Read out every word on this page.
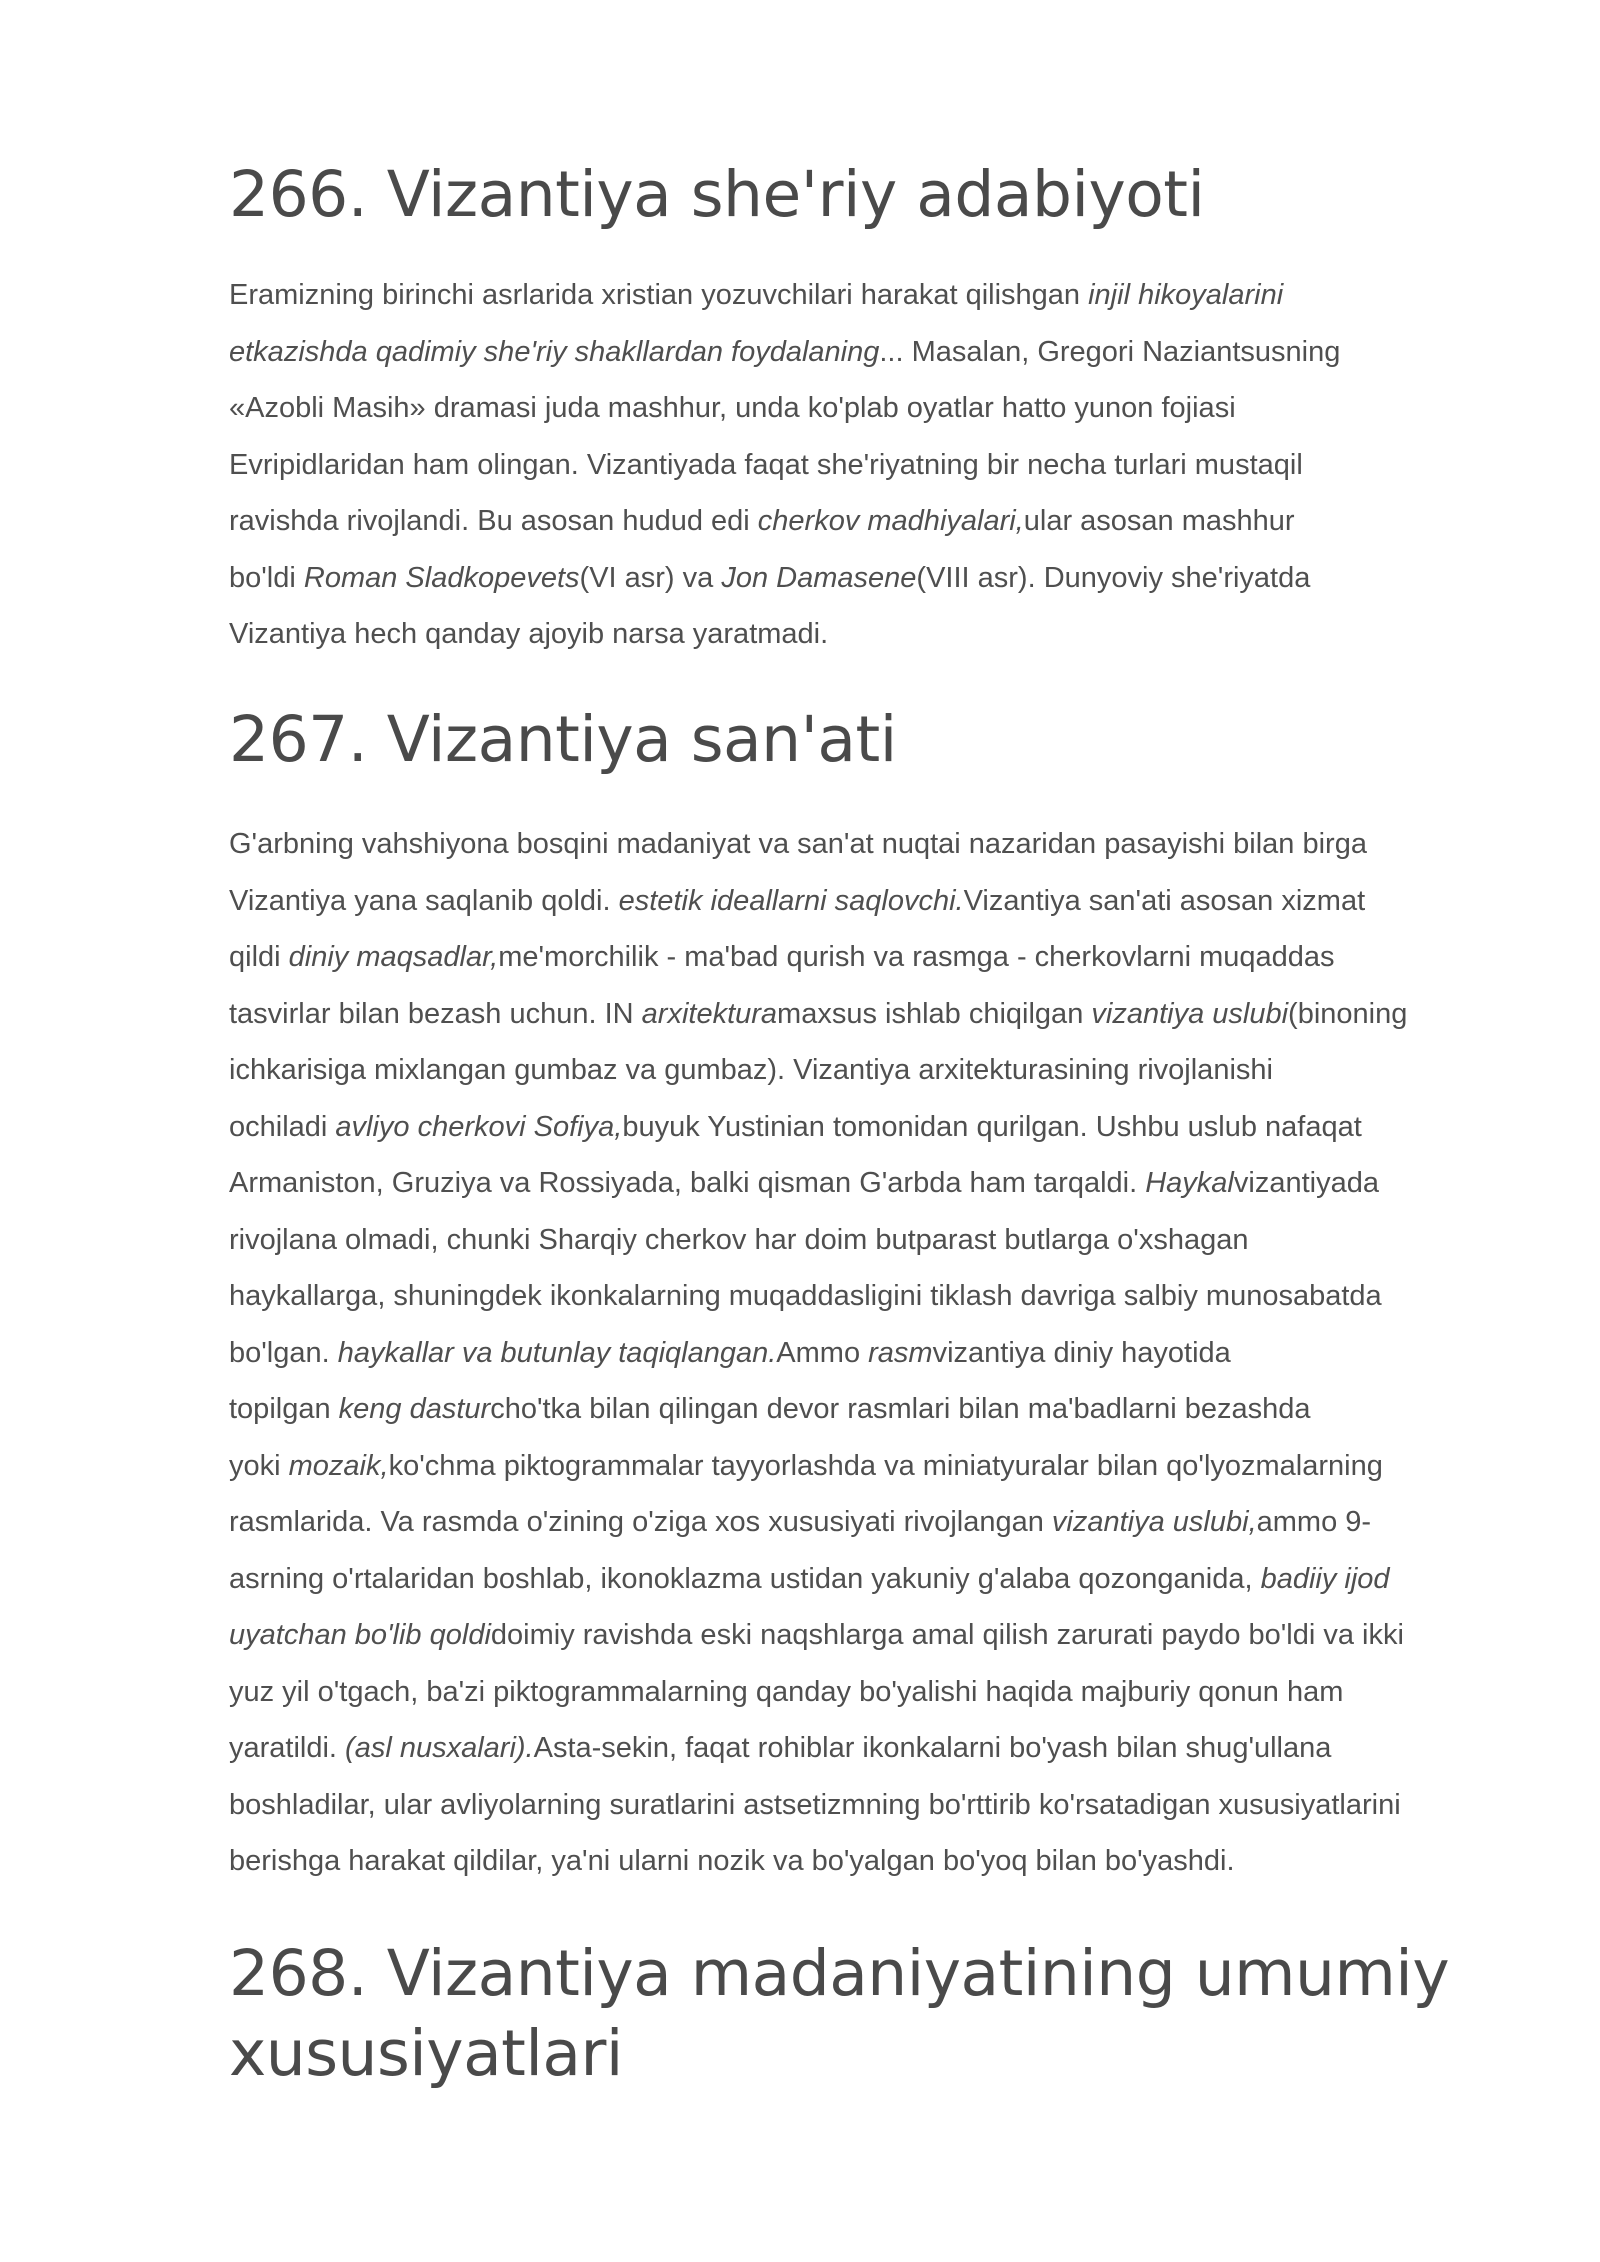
266. Vizantiya she'riy adabiyoti
Eramizning birinchi asrlarida xristian yozuvchilari harakat qilishgan injil hikoyalarini
etkazishda qadimiy she'riy shakllardan foydalaning... Masalan, Gregori Naziantsusning
«Azobli Masih» dramasi juda mashhur, unda ko'plab oyatlar hatto yunon fojiasi
Evripidlaridan ham olingan. Vizantiyada faqat she'riyatning bir necha turlari mustaqil
ravishda rivojlandi. Bu asosan hudud edi cherkov madhiyalari,ular asosan mashhur
bo'ldi Roman Sladkopevets(VI asr) va Jon Damasene(VIII asr). Dunyoviy she'riyatda
Vizantiya hech qanday ajoyib narsa yaratmadi.
267. Vizantiya san'ati
G'arbning vahshiyona bosqini madaniyat va san'at nuqtai nazaridan pasayishi bilan birga
Vizantiya yana saqlanib qoldi. estetik ideallarni saqlovchi.Vizantiya san'ati asosan xizmat
qildi diniy maqsadlar,me'morchilik - ma'bad qurish va rasmga - cherkovlarni muqaddas
tasvirlar bilan bezash uchun. IN arxitekturamaxsus ishlab chiqilgan vizantiya uslubi(binoning
ichkarisiga mixlangan gumbaz va gumbaz). Vizantiya arxitekturasining rivojlanishi
ochiladi avliyo cherkovi Sofiya,buyuk Yustinian tomonidan qurilgan. Ushbu uslub nafaqat
Armaniston, Gruziya va Rossiyada, balki qisman G'arbda ham tarqaldi. Haykalvizantiyada
rivojlana olmadi, chunki Sharqiy cherkov har doim butparast butlarga o'xshagan
haykallarga, shuningdek ikonkalarning muqaddasligini tiklash davriga salbiy munosabatda
bo'lgan. haykallar va butunlay taqiqlangan.Ammo rasmvizantiya diniy hayotida
topilgan keng dasturcho'tka bilan qilingan devor rasmlari bilan ma'badlarni bezashda
yoki mozaik,ko'chma piktogrammalar tayyorlashda va miniatyuralar bilan qo'lyozmalarning
rasmlarida. Va rasmda o'zining o'ziga xos xususiyati rivojlangan vizantiya uslubi,ammo 9-
asrning o'rtalaridan boshlab, ikonoklazma ustidan yakuniy g'alaba qozonganida, badiiy ijod
uyatchan bo'lib qoldidoimiy ravishda eski naqshlarga amal qilish zarurati paydo bo'ldi va ikki
yuz yil o'tgach, ba'zi piktogrammalarning qanday bo'yalishi haqida majburiy qonun ham
yaratildi. (asl nusxalari).Asta-sekin, faqat rohiblar ikonkalarni bo'yash bilan shug'ullana
boshladilar, ular avliyolarning suratlarini astsetizmning bo'rttirib ko'rsatadigan xususiyatlarini
berishga harakat qildilar, ya'ni ularni nozik va bo'yalgan bo'yoq bilan bo'yashdi.
268. Vizantiya madaniyatining umumiy
xususiyatlari
